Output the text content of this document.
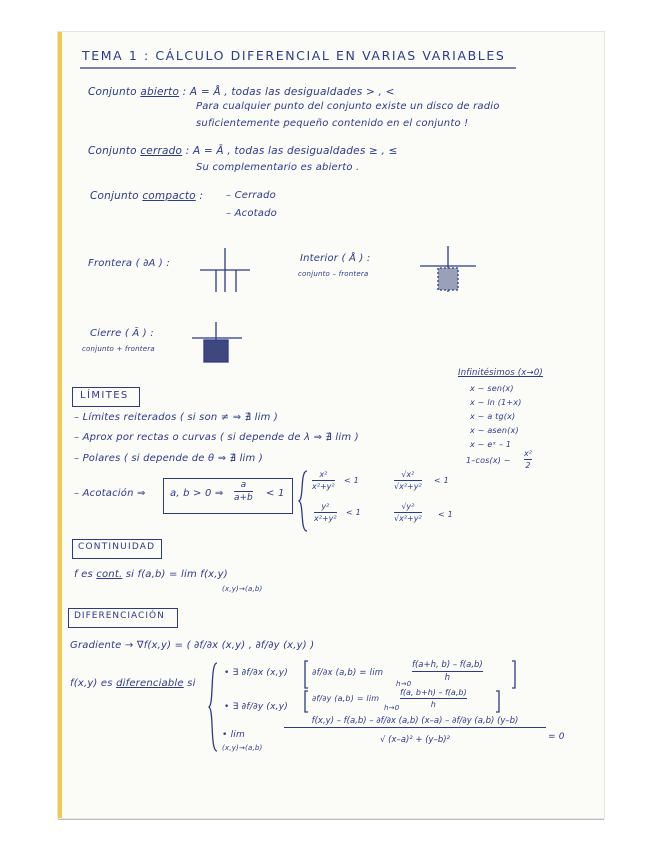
TEMA 1 : CÁLCULO DIFERENCIAL EN VARIAS VARIABLES
Conjunto abierto : A = Å , todas las desigualdades > , <
Para cualquier punto del conjunto existe un disco de radio
suficientemente pequeño contenido en el conjunto !
Conjunto cerrado : A = Ā , todas las desigualdades ≥ , ≤
Su complementario es abierto .
Conjunto compacto : – Cerrado
– Acotado
Frontera ( ∂A ) :	Interior ( Å ) :
conjunto – frontera
Cierre ( Ā ) :
conjunto + frontera
Infinitésimos (x→0)
x ~ sen(x)
x ~ ln (1+x)
x ~ a tg(x)
x ~ asen(x)
x ~ eˣ – 1
1–cos(x) ~
x²
2
LÍMITES
– Límites reiterados ( si son ≠ ⇒ ∄ lim )
– Aprox por rectas o curvas ( si depende de λ ⇒ ∄ lim )
– Polares ( si depende de θ ⇒ ∄ lim )
– Acotación ⇒ a, b > 0 ⇒
a
a+b < 1
x²
x²+y²
< 1
√x²
√x²+y²
< 1
y²
x²+y²
< 1
√y²
√x²+y² < 1
CONTINUIDAD
f es cont. si f(a,b) = lim f(x,y)
(x,y)→(a,b)
DIFERENCIACIÓN
Gradiente → ∇f(x,y) = ( ∂f/∂x (x,y) , ∂f/∂y (x,y) )
f(x,y) es diferenciable si
• ∃ ∂f/∂x (x,y)	∂f/∂x (a,b) = lim
h→0
f(a+h, b) – f(a,b)
h
• ∃ ∂f/∂y (x,y)
∂f/∂y (a,b) = lim
h→0
f(a, b+h) – f(a,b)
h
• lim
(x,y)→(a,b)
f(x,y) – f(a,b) – ∂f/∂x (a,b) (x–a) – ∂f/∂y (a,b) (y–b)
√ (x–a)² + (y–b)²	= 0
